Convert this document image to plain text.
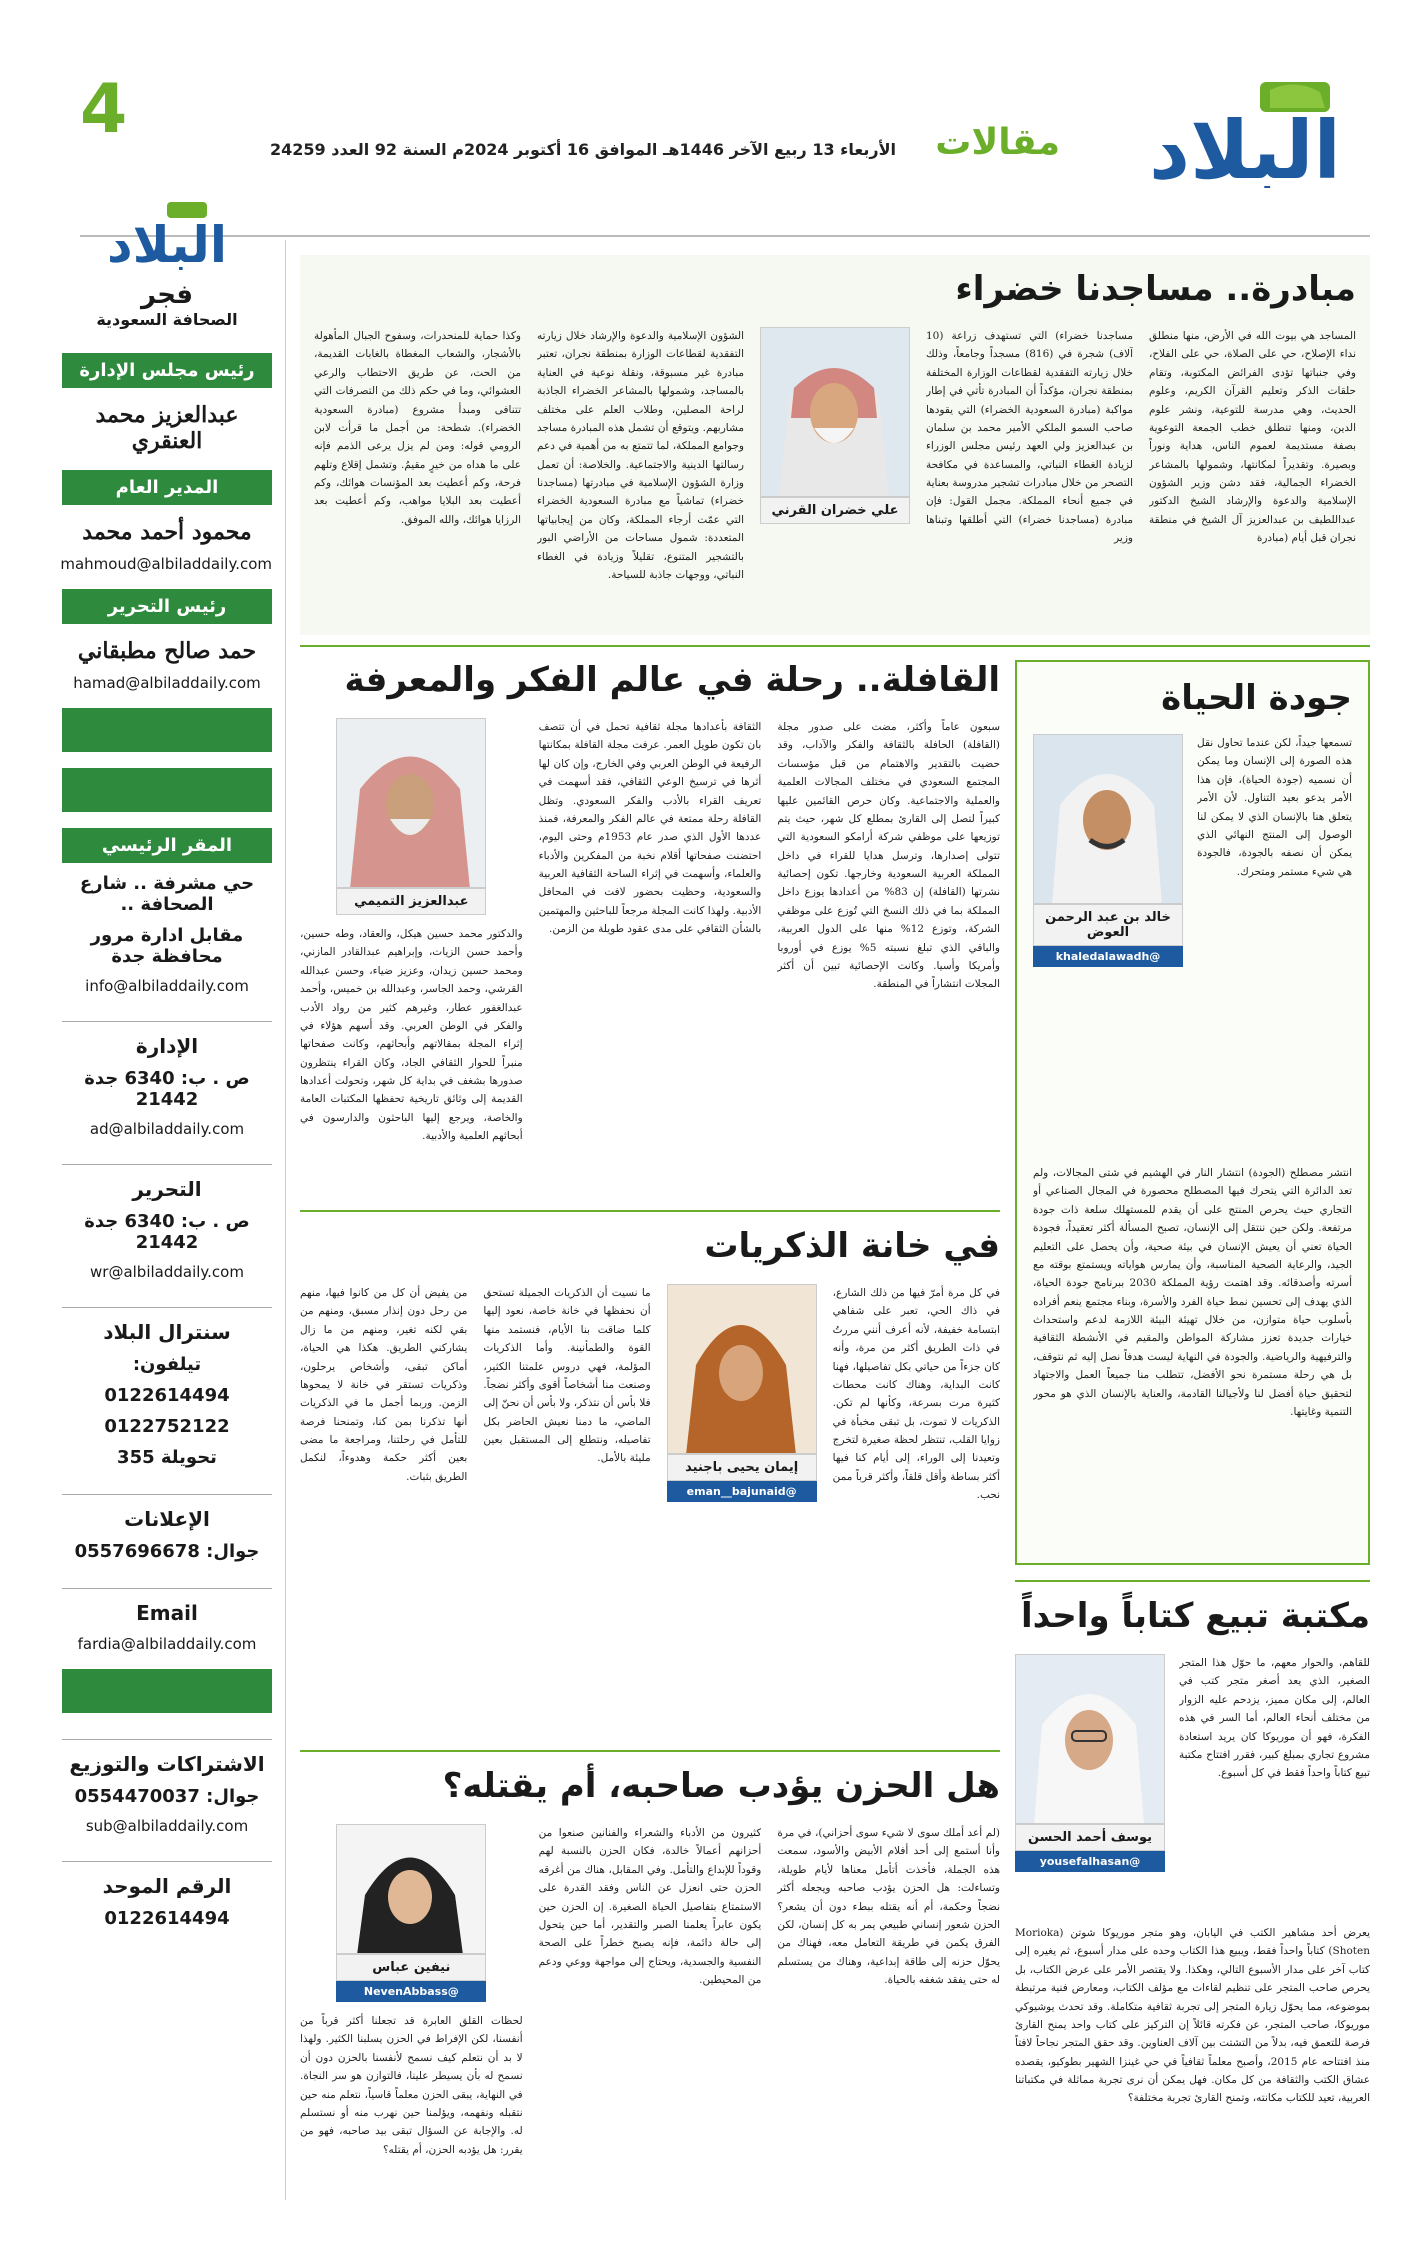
4
الأربعاء 13 ربيع الآخر 1446هـ الموافق 16 أكتوبر 2024م السنة 92 العدد 24259 مقالات البلاد
البلاد
فجر
الصحافة السعودية
رئيس مجلس الإدارة
عبدالعزيز محمد العنقري
المدير العام
محمود أحمد محمد
mahmoud@albiladdaily.com
رئيس التحرير
حمد صالح مطبقاني
hamad@albiladdaily.com
المقر الرئيسي
حي مشرفة .. شارع الصحافة ..
مقابل ادارة مرور محافظة جدة
info@albiladdaily.com
الإدارة
ص . ب: 6340 جدة 21442
ad@albiladdaily.com
التحرير
ص . ب: 6340 جدة 21442
wr@albiladdaily.com
سنترال البلاد
تيلفون:
0122614494
0122752122
تحويلة 355
الإعلانات
جوال: 0557696678
Email
fardia@albiladdaily.com
الاشتراكات والتوزيع
جوال: 0554470037
sub@albiladdaily.com
الرقم الموحد
0122614494
مبادرة.. مساجدنا خضراء
المساجد هي بيوت الله في الأرض، منها منطلق نداء الإصلاح، حي على الصلاة، حي على الفلاح، وفي جنباتها تؤدى الفرائض المكتوبة، وتقام حلقات الذكر وتعليم القرآن الكريم، وعلوم الحديث، وهي مدرسة للتوعية، ونشر علوم الدين، ومنها تنطلق خطب الجمعة التوعوية بصفة مستديمة لعموم الناس، هداية ونوراً وبصيرة. وتقديراً لمكانتها، وشمولها بالمشاعر الخضراء الجمالية، فقد دشن وزير الشؤون الإسلامية والدعوة والإرشاد الشيخ الدكتور عبداللطيف بن عبدالعزيز آل الشيخ في منطقة نجران قبل أيام (مبادرة
مساجدنا خضراء) التي تستهدف زراعة (10 آلاف) شجرة في (816) مسجداً وجامعاً، وذلك خلال زيارته التفقدية لقطاعات الوزارة المختلفة بمنطقة نجران، مؤكداً أن المبادرة تأتي في إطار مواكبة (مبادرة السعودية الخضراء) التي يقودها صاحب السمو الملكي الأمير محمد بن سلمان بن عبدالعزيز ولي العهد رئيس مجلس الوزراء لزيادة الغطاء النباتي، والمساعدة في مكافحة التصحر من خلال مبادرات تشجير مدروسة بعناية في جميع أنحاء المملكة. مجمل القول: فإن مبادرة (مساجدنا خضراء) التي أطلقها وتبناها وزير
علي خضران القرني
الشؤون الإسلامية والدعوة والإرشاد خلال زيارته التفقدية لقطاعات الوزارة بمنطقة نجران، تعتبر مبادرة غير مسبوقة، ونقلة نوعية في العناية بالمساجد، وشمولها بالمشاعر الخضراء الجاذبة لراحة المصلين، وطلاب العلم على مختلف مشاربهم. ويتوقع أن تشمل هذه المبادرة مساجد وجوامع المملكة، لما تتمتع به من أهمية في دعم رسالتها الدينية والاجتماعية. والخلاصة: أن تعمل وزارة الشؤون الإسلامية في مبادرتها (مساجدنا خضراء) تماشياً مع مبادرة السعودية الخضراء التي عمّت أرجاء المملكة، وكان من إيجابياتها المتعددة: شمول مساحات من الأراضي البور بالتشجير المتنوع، تقليلاً وزيادة في الغطاء النباتي، ووجهات جاذبة للسياحة.
وكذا حماية للمنحدرات، وسفوح الجبال المأهولة بالأشجار، والشعاب المغطاة بالغابات القديمة، من الحت، عن طريق الاحتطاب والرعي العشوائي، وما في حكم ذلك من التصرفات التي تتنافى ومبدأ مشروع (مبادرة السعودية الخضراء). شطحة: من أجمل ما قرأت لابن الرومي قوله: ومن لم يزل يرعى الذمم فإنه على ما هداه من خيرٍ مقيمُ. وتشمل إقلاع وتلهم فرحة، وكم أعطيت بعد المؤنسات هوائك، وكم أعطيت بعد البلايا مواهب، وكم أعطيت بعد الرزايا هوائك، والله الموفق.
القافلة.. رحلة في عالم الفكر والمعرفة
سبعون عاماً وأكثر، مضت على صدور مجلة (القافلة) الحافلة بالثقافة والفكر والآداب، وقد حضيت بالتقدير والاهتمام من قبل مؤسسات المجتمع السعودي في مختلف المجالات العلمية والعملية والاجتماعية. وكان حرص القائمين عليها كبيراً لتصل إلى القارئ بمطلع كل شهر، حيث يتم توزيعها على موظفي شركة أرامكو السعودية التي تتولى إصدارها، وترسل هدايا للقراء في داخل المملكة العربية السعودية وخارجها. تكون إحصائية نشرتها (القافلة) إن 83% من أعدادها يوزع داخل المملكة بما في ذلك النسخ التي تُوزع على موظفي الشركة، وتوزع 12% منها على الدول العربية، والباقي الذي تبلغ نسبته 5% يوزع في أوروبا وأمريكا وأسيا. وكانت الإحصائية تبين أن أكثر المجلات انتشاراً في المنطقة.
الثقافة بأعدادها مجلة ثقافية تحمل في أن تتصف بان تكون طويل العمر. عرفت مجلة القافلة بمكانتها الرفيعة في الوطن العربي وفي الخارج، وإن كان لها أثرها في ترسيخ الوعي الثقافي، فقد أسهمت في تعريف القراء بالأدب والفكر السعودي. وتظل القافلة رحلة ممتعة في عالم الفكر والمعرفة، فمنذ عددها الأول الذي صدر عام 1953م وحتى اليوم، احتضنت صفحاتها أقلام نخبة من المفكرين والأدباء والعلماء، وأسهمت في إثراء الساحة الثقافية العربية والسعودية، وحظيت بحضور لافت في المحافل الأدبية. ولهذا كانت المجلة مرجعاً للباحثين والمهتمين بالشأن الثقافي على مدى عقود طويلة من الزمن.
عبدالعزيز التميمي
والدكتور محمد حسين هيكل، والعقاد، وطه حسين، وأحمد حسن الزيات، وإبراهيم عبدالقادر المازني، ومحمد حسين زيدان، وعزيز ضياء، وحسن عبدالله القرشي، وحمد الجاسر، وعبدالله بن خميس، وأحمد عبدالغفور عطار، وغيرهم كثير من رواد الأدب والفكر في الوطن العربي. وقد أسهم هؤلاء في إثراء المجلة بمقالاتهم وأبحاثهم، وكانت صفحاتها منبراً للحوار الثقافي الجاد، وكان القراء ينتظرون صدورها بشغف في بداية كل شهر، وتحولت أعدادها القديمة إلى وثائق تاريخية تحفظها المكتبات العامة والخاصة، ويرجع إليها الباحثون والدارسون في أبحاثهم العلمية والأدبية.
في خانة الذكريات
في كل مرة أمرّ فيها من ذلك الشارع، في ذاك الحي، تعبر على شفاهي ابتسامة خفيفة، لأنه أعرف أنني مررتُ في ذات الطريق أكثر من مرة، وأنه كان جزءاً من حياتي بكل تفاصيلها، فهنا كانت البداية، وهناك كانت محطات كثيرة مرت بسرعة، وكأنها لم تكن. الذكريات لا تموت، بل تبقى مخبأة في زوايا القلب، تنتظر لحظة صغيرة لتخرج وتعيدنا إلى الوراء، إلى أيام كنا فيها أكثر بساطة وأقل قلقاً، وأكثر قرباً ممن نحب.
إيمان يحيى باجنيد
@eman__bajunaid
ما نسيت أن الذكريات الجميلة تستحق أن نحفظها في خانة خاصة، نعود إليها كلما ضاقت بنا الأيام، فنستمد منها القوة والطمأنينة. وأما الذكريات المؤلمة، فهي دروس علمتنا الكثير، وصنعت منا أشخاصاً أقوى وأكثر نضجاً. فلا بأس أن نتذكر، ولا بأس أن نحنّ إلى الماضي، ما دمنا نعيش الحاضر بكل تفاصيله، ونتطلع إلى المستقبل بعين مليئة بالأمل.
من يفيض أن كل من كانوا فيها، منهم من رحل دون إنذار مسبق، ومنهم من بقي لكنه تغير، ومنهم من ما زال يشاركني الطريق. هكذا هي الحياة، أماكن تبقى، وأشخاص يرحلون، وذكريات تستقر في خانة لا يمحوها الزمن. وربما أجمل ما في الذكريات أنها تذكرنا بمن كنا، وتمنحنا فرصة للتأمل في رحلتنا، ومراجعة ما مضى بعين أكثر حكمة وهدوءاً، لنكمل الطريق بثبات.
هل الحزن يؤدب صاحبه، أم يقتله؟
(لم أعد أملك سوى لا شيء سوى أحزاني)، في مرة وأنا أستمع إلى أحد أفلام الأبيض والأسود، سمعت هذه الجملة، فأخذت أتأمل معناها لأيام طويلة، وتساءلت: هل الحزن يؤدب صاحبه ويجعله أكثر نضجاً وحكمة، أم أنه يقتله ببطء دون أن يشعر؟ الحزن شعور إنساني طبيعي يمر به كل إنسان، لكن الفرق يكمن في طريقة التعامل معه، فهناك من يحوّل حزنه إلى طاقة إبداعية، وهناك من يستسلم له حتى يفقد شغفه بالحياة.
كثيرون من الأدباء والشعراء والفنانين صنعوا من أحزانهم أعمالاً خالدة، فكان الحزن بالنسبة لهم وقوداً للإبداع والتأمل. وفي المقابل، هناك من أغرقه الحزن حتى انعزل عن الناس وفقد القدرة على الاستمتاع بتفاصيل الحياة الصغيرة. إن الحزن حين يكون عابراً يعلمنا الصبر والتقدير، أما حين يتحول إلى حالة دائمة، فإنه يصبح خطراً على الصحة النفسية والجسدية، ويحتاج إلى مواجهة ووعي ودعم من المحيطين.
نيفين عباس
@NevenAbbass
لحظات القلق العابرة قد تجعلنا أكثر قرباً من أنفسنا، لكن الإفراط في الحزن يسلبنا الكثير. ولهذا لا بد أن نتعلم كيف نسمح لأنفسنا بالحزن دون أن نسمح له بأن يسيطر علينا، فالتوازن هو سر النجاة. في النهاية، يبقى الحزن معلماً قاسياً، نتعلم منه حين نتقبله ونفهمه، ويؤلمنا حين نهرب منه أو نستسلم له. والإجابة عن السؤال تبقى بيد صاحبه، فهو من يقرر: هل يؤدبه الحزن، أم يقتله؟
جودة الحياة
تسمعها جيداً، لكن عندما تحاول نقل هذه الصورة إلى الإنسان وما يمكن أن نسميه (جودة الحياة)، فإن هذا الأمر يدعو بعيد التناول. لأن الأمر يتعلق هنا بالإنسان الذي لا يمكن لنا الوصول إلى المنتج النهائي الذي يمكن أن نصفه بالجودة، فالجودة هي شيء مستمر ومتحرك.
خالد بن عبد الرحمن العوض
@khaledalawadh
انتشر مصطلح (الجودة) انتشار النار في الهشيم في شتى المجالات، ولم تعد الدائرة التي يتحرك فيها المصطلح محصورة في المجال الصناعي أو التجاري حيث يحرص المنتج على أن يقدم للمستهلك سلعة ذات جودة مرتفعة. ولكن حين ننتقل إلى الإنسان، تصبح المسألة أكثر تعقيداً، فجودة الحياة تعني أن يعيش الإنسان في بيئة صحية، وأن يحصل على التعليم الجيد، والرعاية الصحية المناسبة، وأن يمارس هواياته ويستمتع بوقته مع أسرته وأصدقائه. وقد اهتمت رؤية المملكة 2030 ببرنامج جودة الحياة، الذي يهدف إلى تحسين نمط حياة الفرد والأسرة، وبناء مجتمع ينعم أفراده بأسلوب حياة متوازن، من خلال تهيئة البيئة اللازمة لدعم واستحداث خيارات جديدة تعزز مشاركة المواطن والمقيم في الأنشطة الثقافية والترفيهية والرياضية. والجودة في النهاية ليست هدفاً نصل إليه ثم نتوقف، بل هي رحلة مستمرة نحو الأفضل، تتطلب منا جميعاً العمل والاجتهاد لتحقيق حياة أفضل لنا ولأجيالنا القادمة، والعناية بالإنسان الذي هو محور التنمية وغايتها.
مكتبة تبيع كتاباً واحداً
للقاهم، والحوار معهم، ما حوّل هذا المتجر الصغير، الذي يعد أصغر متجر كتب في العالم، إلى مكان مميز، يزدحم عليه الزوار من مختلف أنحاء العالم، أما السر في هذه الفكرة، فهو أن موريوكا كان يريد استعادة مشروع تجاري بمبلغ كبير، فقرر افتتاح مكتبة تبيع كتاباً واحداً فقط في كل أسبوع.
يوسف أحمد الحسن
@yousefalhasan
يعرض أحد مشاهير الكتب في اليابان، وهو متجر موريوكا شوتن (Morioka Shoten) كتاباً واحداً فقط، ويبيع هذا الكتاب وحده على مدار أسبوع، ثم يغيره إلى كتاب آخر على مدار الأسبوع التالي، وهكذا. ولا يقتصر الأمر على عرض الكتاب، بل يحرص صاحب المتجر على تنظيم لقاءات مع مؤلف الكتاب، ومعارض فنية مرتبطة بموضوعه، مما يحوّل زيارة المتجر إلى تجربة ثقافية متكاملة. وقد تحدث يوشيوكي موريوكا، صاحب المتجر، عن فكرته قائلاً إن التركيز على كتاب واحد يمنح القارئ فرصة للتعمق فيه، بدلاً من التشتت بين آلاف العناوين. وقد حقق المتجر نجاحاً لافتاً منذ افتتاحه عام 2015، وأصبح معلماً ثقافياً في حي غينزا الشهير بطوكيو، يقصده عشاق الكتب والثقافة من كل مكان. فهل يمكن أن نرى تجربة مماثلة في مكتباتنا العربية، تعيد للكتاب مكانته، وتمنح القارئ تجربة مختلفة؟
